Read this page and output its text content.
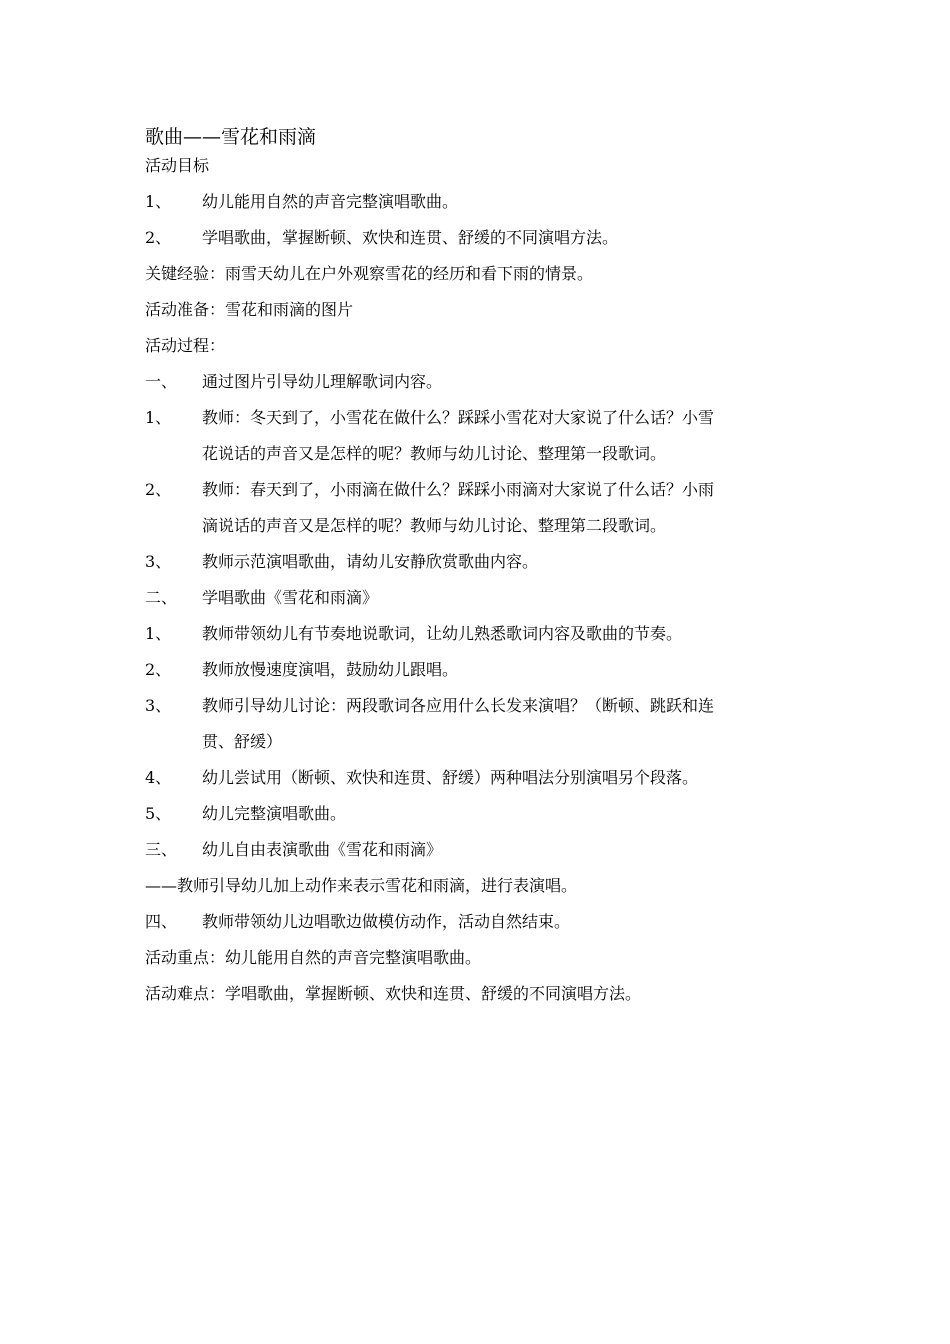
歌曲——雪花和雨滴
活动目标
1、	幼儿能用自然的声音完整演唱歌曲。
2、	学唱歌曲，掌握断顿、欢快和连贯、舒缓的不同演唱方法。
关键经验：雨雪天幼儿在户外观察雪花的经历和看下雨的情景。
活动准备：雪花和雨滴的图片
活动过程：
一、	通过图片引导幼儿理解歌词内容。
1、	教师：冬天到了，小雪花在做什么？踩踩小雪花对大家说了什么话？小雪
花说话的声音又是怎样的呢？教师与幼儿讨论、整理第一段歌词。
2、	教师：春天到了，小雨滴在做什么？踩踩小雨滴对大家说了什么话？小雨
滴说话的声音又是怎样的呢？教师与幼儿讨论、整理第二段歌词。
3、	教师示范演唱歌曲，请幼儿安静欣赏歌曲内容。
二、	学唱歌曲《雪花和雨滴》
1、	教师带领幼儿有节奏地说歌词，让幼儿熟悉歌词内容及歌曲的节奏。
2、	教师放慢速度演唱，鼓励幼儿跟唱。
3、	教师引导幼儿讨论：两段歌词各应用什么长发来演唱？（断顿、跳跃和连
贯、舒缓）
4、	幼儿尝试用（断顿、欢快和连贯、舒缓）两种唱法分别演唱另个段落。
5、	幼儿完整演唱歌曲。
三、	幼儿自由表演歌曲《雪花和雨滴》
——教师引导幼儿加上动作来表示雪花和雨滴，进行表演唱。
四、	教师带领幼儿边唱歌边做模仿动作，活动自然结束。
活动重点：幼儿能用自然的声音完整演唱歌曲。
活动难点：学唱歌曲，掌握断顿、欢快和连贯、舒缓的不同演唱方法。
